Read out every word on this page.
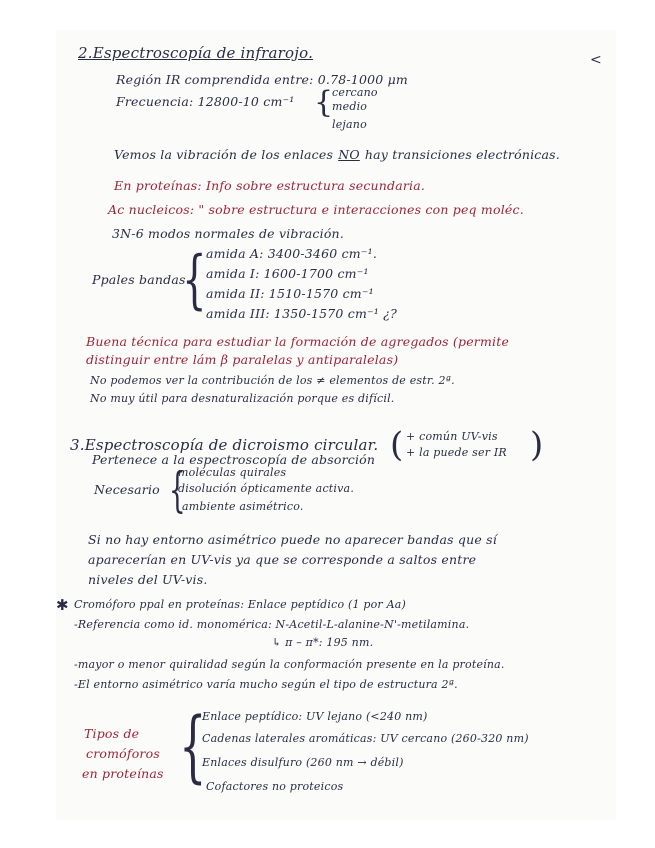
2.Espectroscopía de infrarojo.	<
Región IR comprendida entre: 0.78-1000 μm
Frecuencia: 12800-10 cm⁻¹ {
cercano
medio
lejano
Vemos la vibración de los enlaces NO hay transiciones electrónicas.
En proteínas: Info sobre estructura secundaria.
Ac nucleicos: " sobre estructura e interacciones con peq moléc.
3N-6 modos normales de vibración.
Ppales bandas
{ amida A: 3400-3460 cm⁻¹.
amida I: 1600-1700 cm⁻¹
amida II: 1510-1570 cm⁻¹
amida III: 1350-1570 cm⁻¹ ¿?
Buena técnica para estudiar la formación de agregados (permite
distinguir entre lám β paralelas y antiparalelas)
No podemos ver la contribución de los ≠ elementos de estr. 2ª.
No muy útil para desnaturalización porque es difícil.
3.Espectroscopía de dicroismo circular. ( + común UV-vis
+ la puede ser IR )
Pertenece a la espectroscopía de absorción
Necesario {
moléculas quirales
disolución ópticamente activa.
ambiente asimétrico.
Si no hay entorno asimétrico puede no aparecer bandas que sí
aparecerían en UV-vis ya que se corresponde a saltos entre
niveles del UV-vis.
✱ Cromóforo ppal en proteínas: Enlace peptídico (1 por Aa)
-Referencia como id. monomérica: N-Acetil-L-alanine-N'-metilamina.
↳ π – π*: 195 nm.
-mayor o menor quiralidad según la conformación presente en la proteína.
-El entorno asimétrico varía mucho según el tipo de estructura 2ª.
Tipos de
cromóforos
en proteínas {
Enlace peptídico: UV lejano (<240 nm)
Cadenas laterales aromáticas: UV cercano (260-320 nm)
Enlaces disulfuro (260 nm → débil)
Cofactores no proteicos
